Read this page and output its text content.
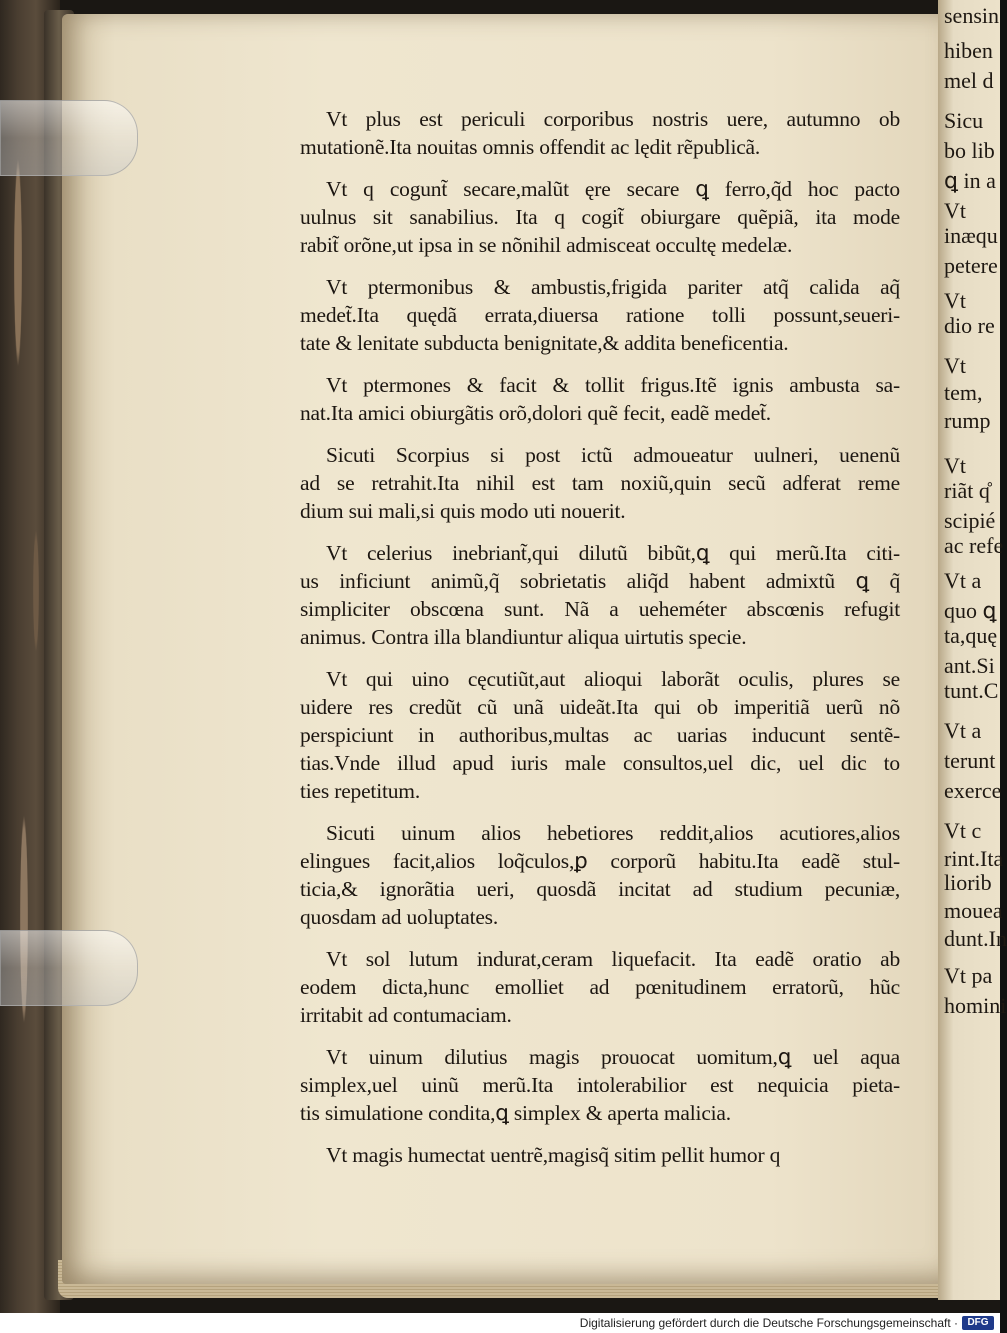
sensin
hiben
mel d
Sicu
bo lib
ꝗ in a
Vt
inæqu
petere
Vt
dio re
Vt
tem,
rump
Vt
riãt q̊
scipié
ac refe
Vt a
quo ꝗ
ta,quę
ant.Si
tunt.C
Vt a
terunt
exerce
Vt c
rint.Ita
liorib
mouea
dunt.In
Vt pa
homini
Vt plus est periculi corporibus nostris uere, autumno ob
mutationẽ.Ita nouitas omnis offendit ac lędit rẽpublicã.
Vt q cogunt̃ secare,malũt ęre secare ꝗ ferro,q̃d hoc pacto
uulnus sit sanabilius. Ita q cogit̃ obiurgare quẽpiã, ita mode
rabit̃ orõne,ut ipsa in se nõnihil admisceat occultę medelæ.
Vt ptermonibus & ambustis,frigida pariter atq̃ calida aq̃
medet̃.Ita quędã errata,diuersa ratione tolli possunt,seueri-
tate & lenitate subducta benignitate,& addita beneficentia.
Vt ptermones & facit & tollit frigus.Itẽ ignis ambusta sa-
nat.Ita amici obiurgãtis orõ,dolori quẽ fecit, eadẽ medet̃.
Sicuti Scorpius si post ictũ admoueatur uulneri, uenenũ
ad se retrahit.Ita nihil est tam noxiũ,quin secũ adferat reme
dium sui mali,si quis modo uti nouerit.
Vt celerius inebriant̃,qui dilutũ bibũt,ꝗ qui merũ.Ita citi-
us inficiunt animũ,q̃ sobrietatis aliq̃d habent admixtũ ꝗ q̃
simpliciter obscœna sunt. Nã a ueheméter abscœnis refugit
animus. Contra illa blandiuntur aliqua uirtutis specie.
Vt qui uino cęcutiũt,aut alioqui laborãt oculis, plures se
uidere res credũt cũ unã uideãt.Ita qui ob imperitiã uerũ nõ
perspiciunt in authoribus,multas ac uarias inducunt sentẽ-
tias.Vnde illud apud iuris male consultos,uel dic, uel dic to
ties repetitum.
Sicuti uinum alios hebetiores reddit,alios acutiores,alios
elingues facit,alios loq̃culos,ꝑ corporũ habitu.Ita eadẽ stul-
ticia,& ignorãtia ueri, quosdã incitat ad studium pecuniæ,
quosdam ad uoluptates.
Vt sol lutum indurat,ceram liquefacit. Ita eadẽ oratio ab
eodem dicta,hunc emolliet ad pœnitudinem erratorũ, hũc
irritabit ad contumaciam.
Vt uinum dilutius magis prouocat uomitum,ꝗ uel aqua
simplex,uel uinũ merũ.Ita intolerabilior est nequicia pieta-
tis simulatione condita,ꝗ simplex & aperta malicia.
Vt magis humectat uentrẽ,magisq̃ sitim pellit humor q
Digitalisierung gefördert durch die Deutsche Forschungsgemeinschaft · DFG
